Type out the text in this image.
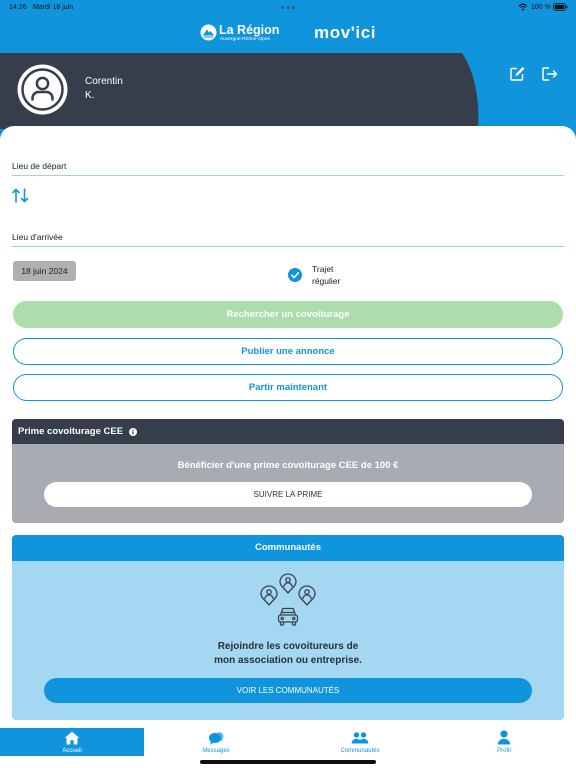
14:26 Mardi 18 juin	100 %
La Région
Auvergne-Rhône-Alpes	mov'ici
Corentin
K.
Lieu de départ
Lieu d'arrivée
18 juin 2024	Trajet
régulier
Rechercher un covoiturage
Publier une annonce
Partir maintenant
Prime covoiturage CEE
Bénéficier d'une prime covoiturage CEE de 100 €
SUIVRE LA PRIME
Communautés
Rejoindre les covoitureurs de
mon association ou entreprise.
VOIR LES COMMUNAUTÉS
Accueil	Messages	Communautés	Profil
